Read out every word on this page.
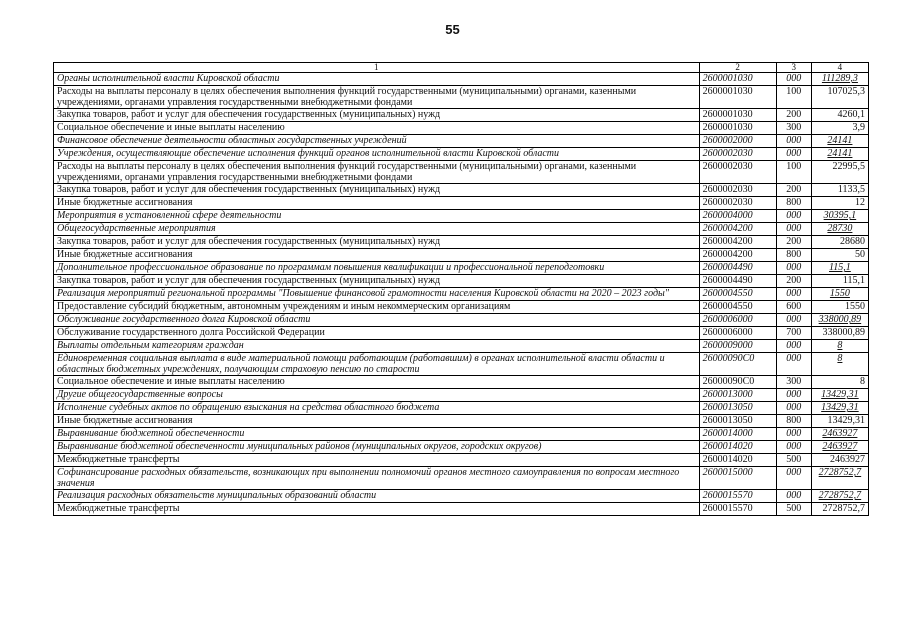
55
1	2	3	4
Органы исполнительной власти Кировской области	2600001030	000	111289,3
Расходы на выплаты персоналу в целях обеспечения выполнения функций государственными (муниципальными) органами, казенными учреждениями, органами управления государственными внебюджетными фондами	2600001030	100	107025,3
Закупка товаров, работ и услуг для обеспечения государственных (муниципальных) нужд	2600001030	200	4260,1
Социальное обеспечение и иные выплаты населению	2600001030	300	3,9
Финансовое обеспечение деятельности областных государственных учреждений	2600002000	000	24141
Учреждения, осуществляющие обеспечение исполнения функций органов исполнительной власти Кировской области	2600002030	000	24141
Расходы на выплаты персоналу в целях обеспечения выполнения функций государственными (муниципальными) органами, казенными учреждениями, органами управления государственными внебюджетными фондами	2600002030	100	22995,5
Закупка товаров, работ и услуг для обеспечения государственных (муниципальных) нужд	2600002030	200	1133,5
Иные бюджетные ассигнования	2600002030	800	12
Мероприятия в установленной сфере деятельности	2600004000	000	30395,1
Общегосударственные мероприятия	2600004200	000	28730
Закупка товаров, работ и услуг для обеспечения государственных (муниципальных) нужд	2600004200	200	28680
Иные бюджетные ассигнования	2600004200	800	50
Дополнительное профессиональное образование по программам повышения квалификации и профессиональной переподготовки	2600004490	000	115,1
Закупка товаров, работ и услуг для обеспечения государственных (муниципальных) нужд	2600004490	200	115,1
Реализация мероприятий региональной программы "Повышение финансовой грамотности населения Кировской области на 2020 – 2023 годы"	2600004550	000	1550
Предоставление субсидий бюджетным, автономным учреждениям и иным некоммерческим организациям	2600004550	600	1550
Обслуживание государственного долга Кировской области	2600006000	000	338000,89
Обслуживание государственного долга Российской Федерации	2600006000	700	338000,89
Выплаты отдельным категориям граждан	2600009000	000	8
Единовременная социальная выплата в виде материальной помощи работающим (работавшим) в органах исполнительной власти области и областных бюджетных учреждениях, получающим страховую пенсию по старости	26000090С0	000	8
Социальное обеспечение и иные выплаты населению	26000090С0	300	8
Другие общегосударственные вопросы	2600013000	000	13429,31
Исполнение судебных актов по обращению взыскания на средства областного бюджета	2600013050	000	13429,31
Иные бюджетные ассигнования	2600013050	800	13429,31
Выравнивание бюджетной обеспеченности	2600014000	000	2463927
Выравнивание бюджетной обеспеченности муниципальных районов (муниципальных округов, городских округов)	2600014020	000	2463927
Межбюджетные трансферты	2600014020	500	2463927
Софинансирование расходных обязательств, возникающих при выполнении полномочий органов местного самоуправления по вопросам местного значения	2600015000	000	2728752,7
Реализация расходных обязательств муниципальных образований области	2600015570	000	2728752,7
Межбюджетные трансферты	2600015570	500	2728752,7
